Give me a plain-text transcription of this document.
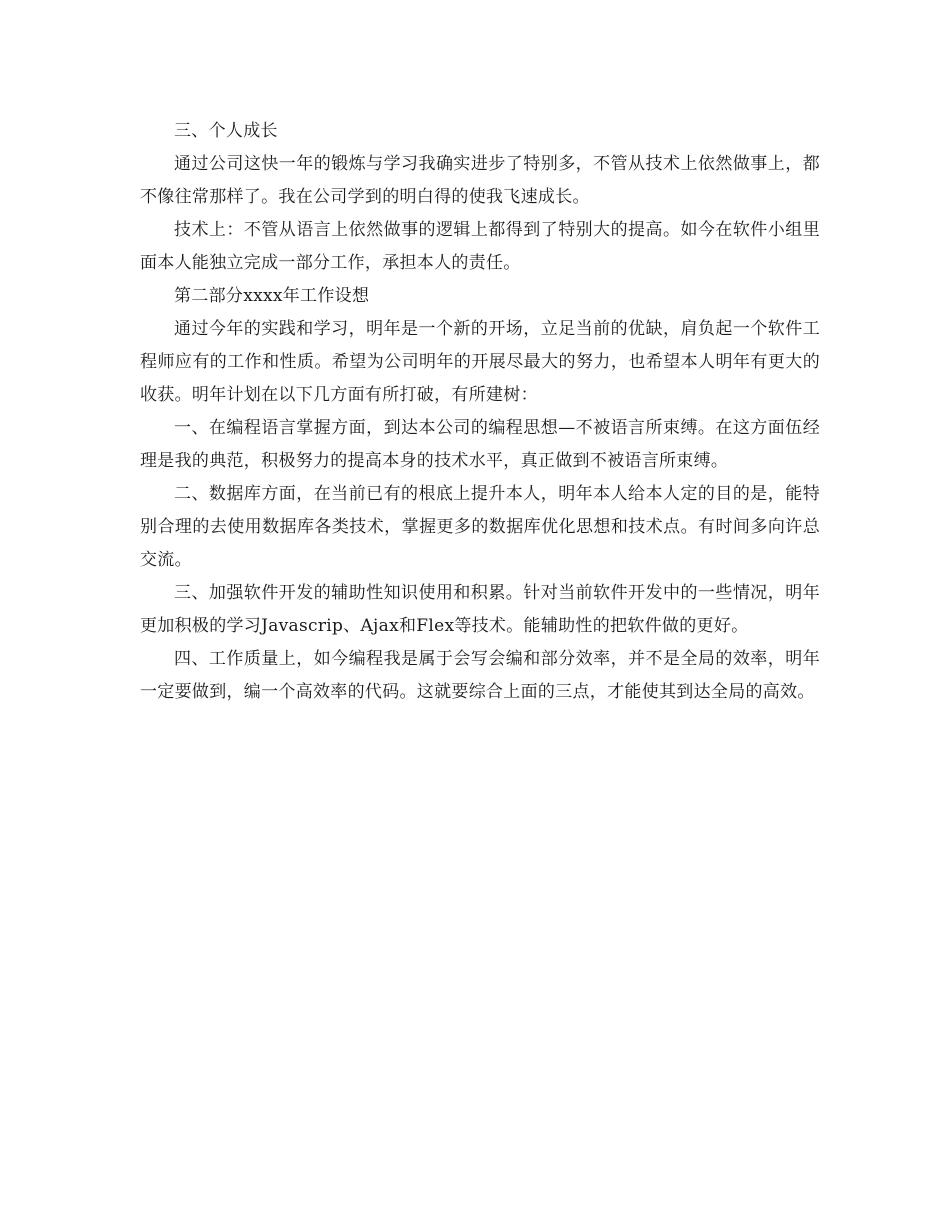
三、个人成长

通过公司这快一年的锻炼与学习我确实进步了特别多，不管从技术上依然做事上，都不像往常那样了。我在公司学到的明白得的使我飞速成长。

技术上：不管从语言上依然做事的逻辑上都得到了特别大的提高。如今在软件小组里面本人能独立完成一部分工作，承担本人的责任。

第二部分xxxx年工作设想

通过今年的实践和学习，明年是一个新的开场，立足当前的优缺，肩负起一个软件工程师应有的工作和性质。希望为公司明年的开展尽最大的努力，也希望本人明年有更大的收获。明年计划在以下几方面有所打破，有所建树：

一、在编程语言掌握方面，到达本公司的编程思想—不被语言所束缚。在这方面伍经理是我的典范，积极努力的提高本身的技术水平，真正做到不被语言所束缚。

二、数据库方面，在当前已有的根底上提升本人，明年本人给本人定的目的是，能特别合理的去使用数据库各类技术，掌握更多的数据库优化思想和技术点。有时间多向许总交流。

三、加强软件开发的辅助性知识使用和积累。针对当前软件开发中的一些情况，明年更加积极的学习Javascrip、Ajax和Flex等技术。能辅助性的把软件做的更好。

四、工作质量上，如今编程我是属于会写会编和部分效率，并不是全局的效率，明年一定要做到，编一个高效率的代码。这就要综合上面的三点，才能使其到达全局的高效。
